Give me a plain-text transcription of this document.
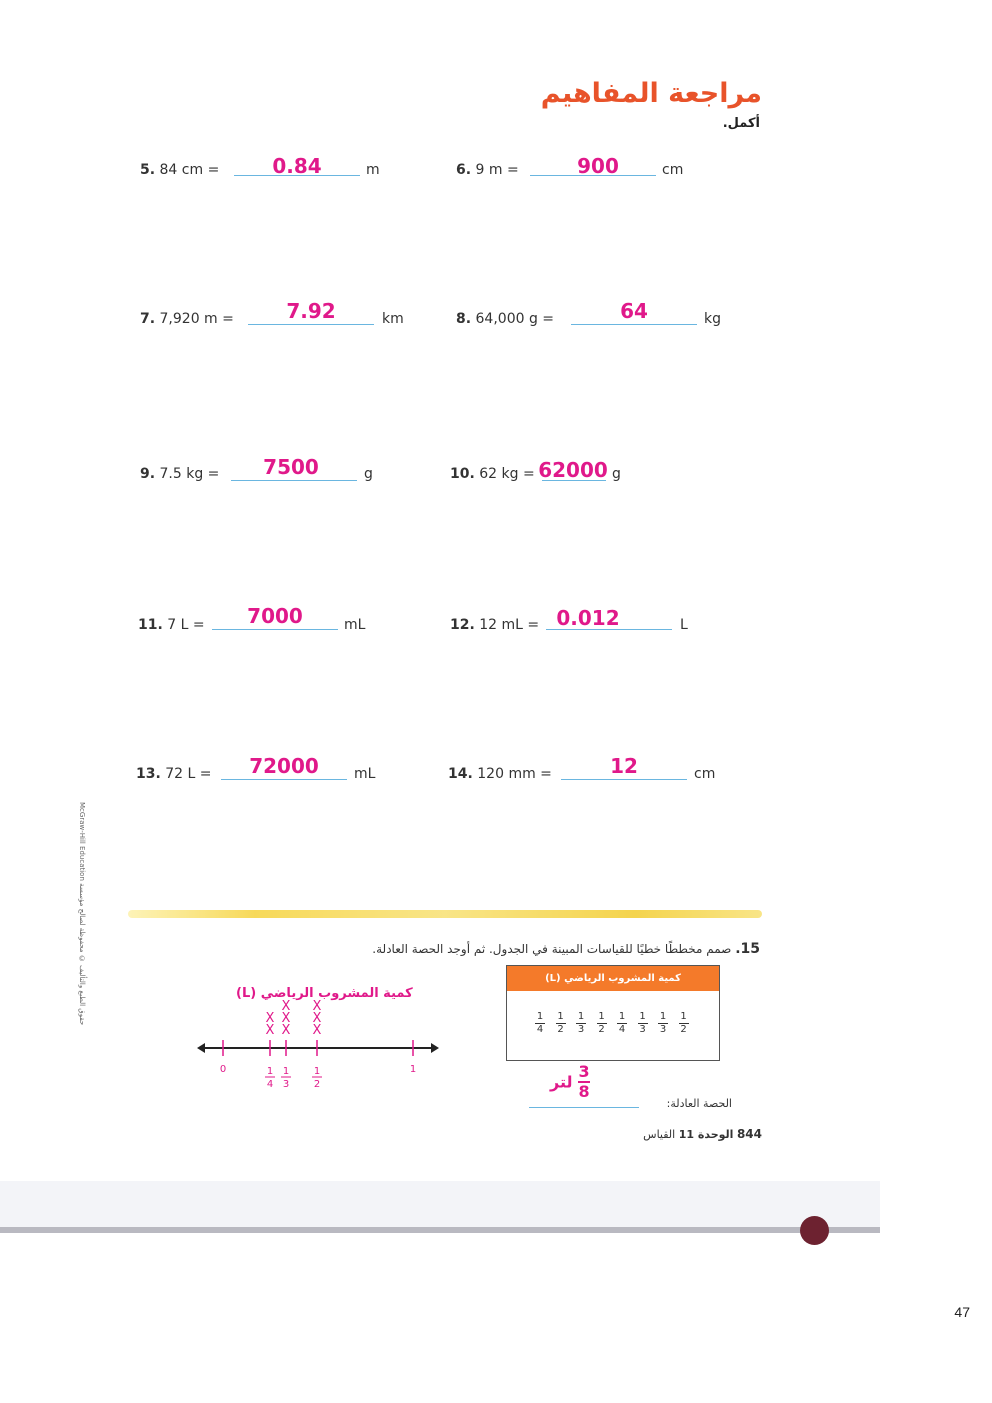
مراجعة المفاهيم
أكمل.
5. 84 cm =	0.84	m	6. 9 m =	900	cm
7. 7,920 m =	7.92	km	8. 64,000 g =	64	kg
9. 7.5 kg =	7500	g	10. 62 kg = 62000 g
11. 7 L =	7000	mL	12. 12 mL = 0.012	L
13. 72 L =	72000	mL	14. 120 mm =	12	cm
McGraw-Hill Education حقوق الطبع والتأليف © محفوظة لصالح مؤسسة	15. صمم مخططًا خطيًا للقياسات المبينة في الجدول. ثم أوجد الحصة العادلة.
كمية المشروب الرياضي (L)
0	1
4
1
3
1
2
1
X
X
X
X
X
X
X
X
كمية المشروب الرياضي (L)
1
4
1
2
1
3
1
2
1
4
1
3
1
3
1
2
$\frac{3}{8}$ لتر
الحصة العادلة:
844 الوحدة 11 القياس
47
